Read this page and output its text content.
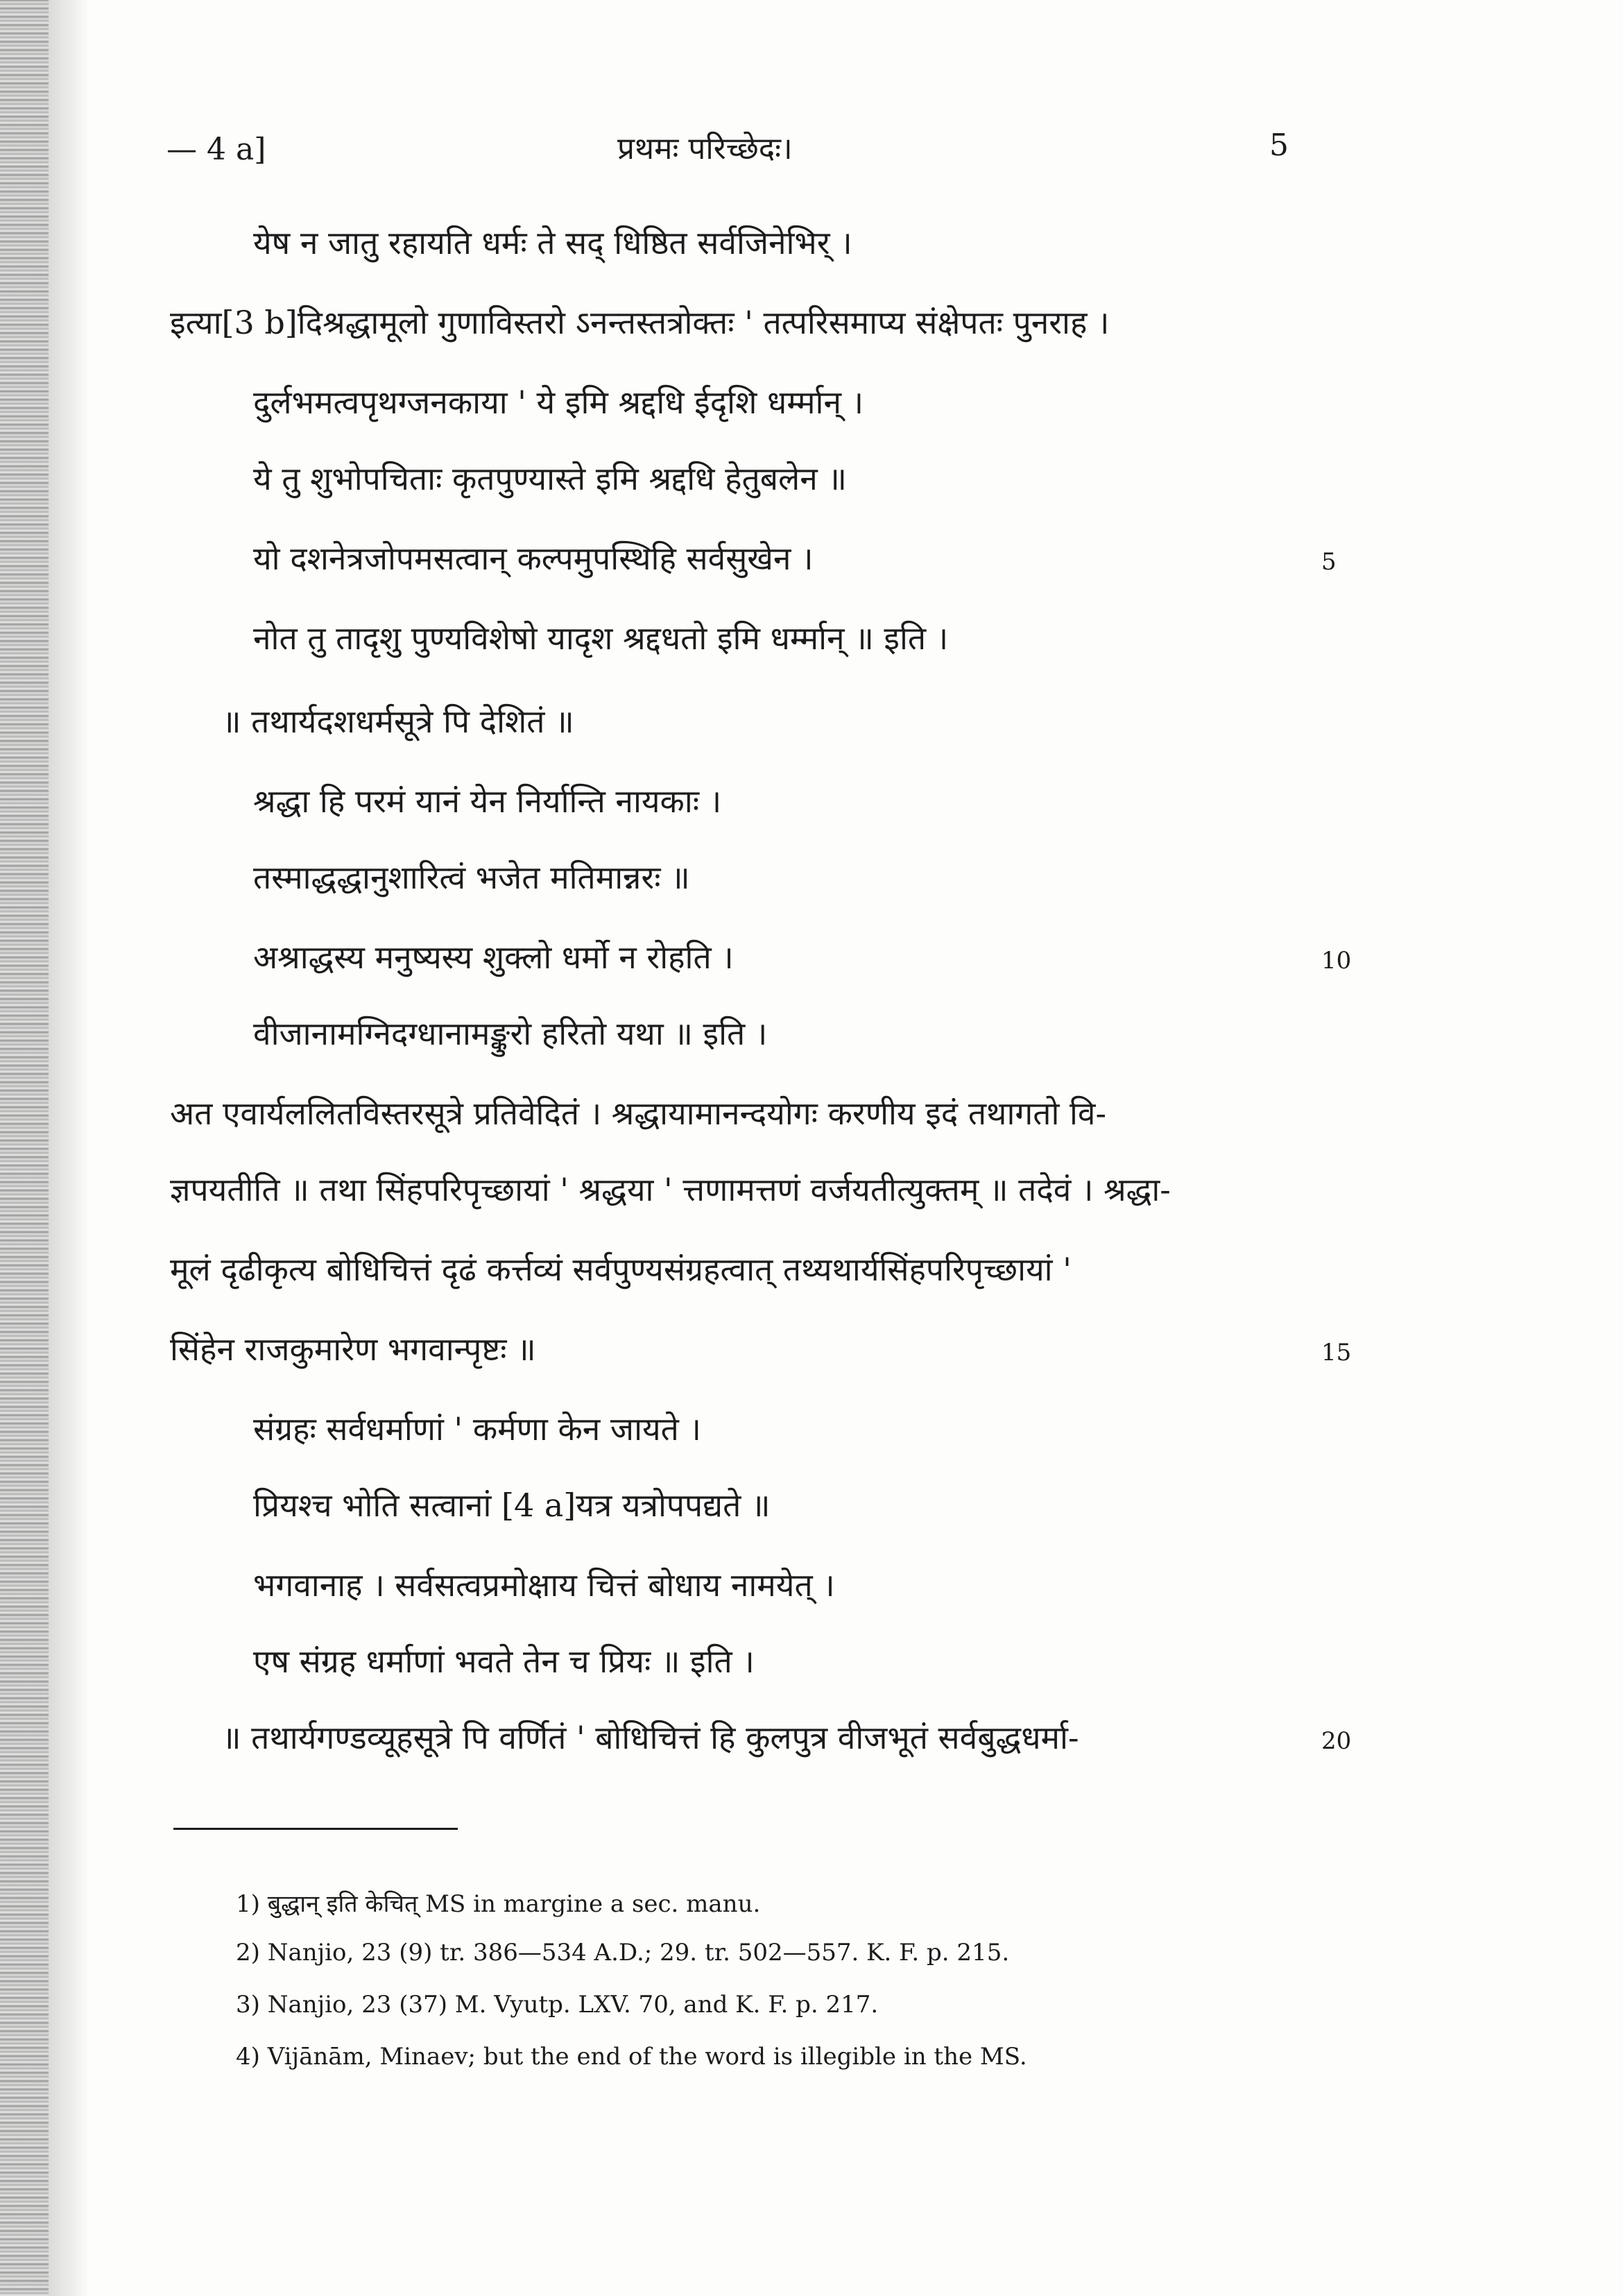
— 4 a]	प्रथमः परिच्छेदः।	5
येष न जातु रहायति धर्मः ते सद् धिष्ठित सर्वजिनेभिर् ।
इत्या[3 b]दिश्रद्धामूलो गुणाविस्तरो ऽनन्तस्तत्रोक्तः ' तत्परिसमाप्य संक्षेपतः पुनराह ।
दुर्लभमत्वपृथग्जनकाया ' ये इमि श्रद्दधि ईदृशि धर्म्मान् ।
ये तु शुभोपचिताः कृतपुण्यास्ते इमि श्रद्दधि हेतुबलेन ॥
यो दशनेत्रजोपमसत्वान् कल्पमुपस्थिहि सर्वसुखेन ।
नोत तु तादृशु पुण्यविशेषो यादृश श्रद्दधतो इमि धर्म्मान् ॥ इति ।
॥ तथार्यदशधर्मसूत्रे पि देशितं ॥
श्रद्धा हि परमं यानं येन निर्यान्ति नायकाः ।
तस्माद्धद्धानुशारित्वं भजेत मतिमान्नरः ॥
अश्राद्धस्य मनुष्यस्य शुक्लो धर्मो न रोहति ।
वीजानामग्निदग्धानामङ्कुरो हरितो यथा ॥ इति ।
अत एवार्यललितविस्तरसूत्रे प्रतिवेदितं । श्रद्धायामानन्दयोगः करणीय इदं तथागतो वि-
ज्ञपयतीति ॥ तथा सिंहपरिपृच्छायां ' श्रद्धया ' त्तणामत्तणं वर्जयतीत्युक्तम् ॥ तदेवं । श्रद्धा-
मूलं दृढीकृत्य बोधिचित्तं दृढं कर्त्तव्यं सर्वपुण्यसंग्रहत्वात् तथ्यथार्यसिंहपरिपृच्छायां '
सिंहेन राजकुमारेण भगवान्पृष्टः ॥
संग्रहः सर्वधर्माणां ' कर्मणा केन जायते ।
प्रियश्च भोति सत्वानां [4 a]यत्र यत्रोपपद्यते ॥
भगवानाह । सर्वसत्वप्रमोक्षाय चित्तं बोधाय नामयेत् ।
एष संग्रह धर्माणां भवते तेन च प्रियः ॥ इति ।
॥ तथार्यगण्डव्यूहसूत्रे पि वर्णितं ' बोधिचित्तं हि कुलपुत्र वीजभूतं सर्वबुद्धधर्मा-
5
10
15
20
1) बुद्धान् इति केचित् MS in margine a sec. manu.
2) Nanjio, 23 (9) tr. 386—534 A.D.; 29. tr. 502—557. K. F. p. 215.
3) Nanjio, 23 (37) M. Vyutp. LXV. 70, and K. F. p. 217.
4) Vijānām, Minaev; but the end of the word is illegible in the MS.
